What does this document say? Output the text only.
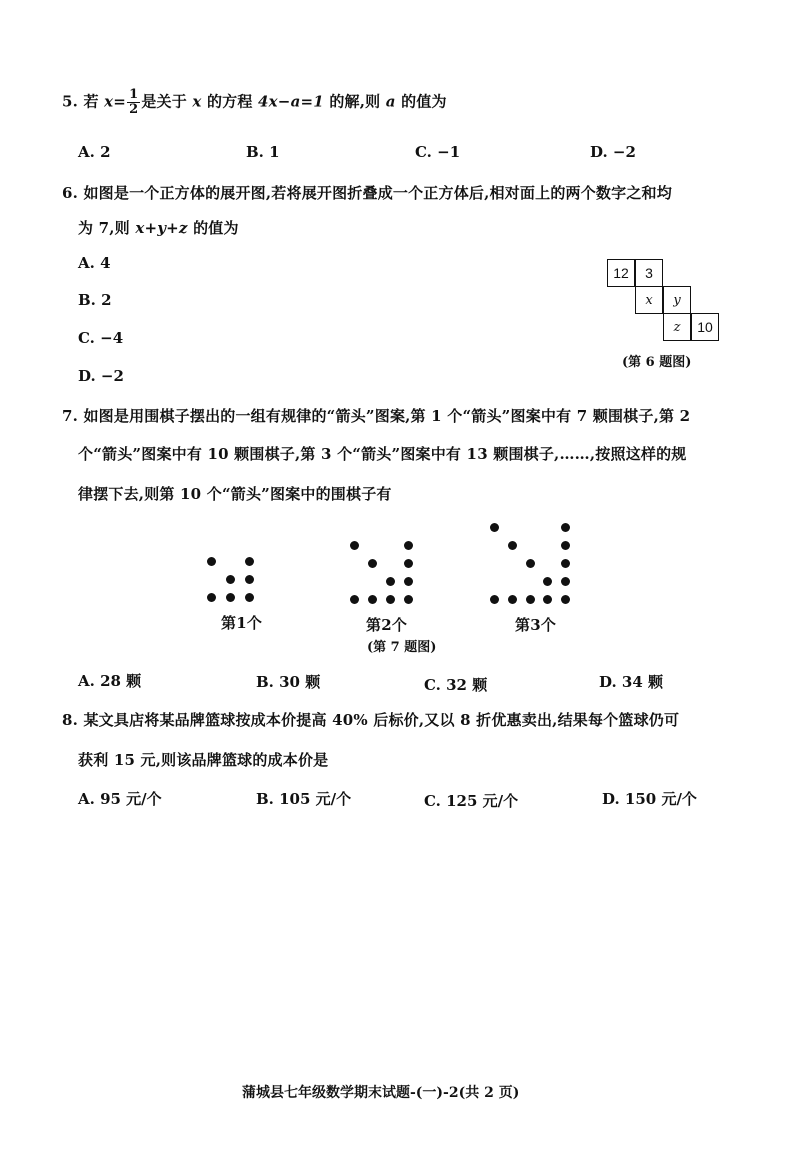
5. 若 $x= \frac{1}{2}$ 是关于 x 的方程 4x−a=1 的解,则 a 的值为
A. 2	B. 1	C. −1	D. −2
6. 如图是一个正方体的展开图,若将展开图折叠成一个正方体后,相对面上的两个数字之和均
为 7,则 x+y+z 的值为
A. 4
B. 2
C. −4
D. −2
12	3
x	y
z	10
(第 6 题图)
7. 如图是用围棋子摆出的一组有规律的“箭头”图案,第 1 个“箭头”图案中有 7 颗围棋子,第 2
个“箭头”图案中有 10 颗围棋子,第 3 个“箭头”图案中有 13 颗围棋子,……,按照这样的规
律摆下去,则第 10 个“箭头”图案中的围棋子有
第1个	第2个	第3个
(第 7 题图)
A. 28 颗	B. 30 颗	C. 32 颗	D. 34 颗
8. 某文具店将某品牌篮球按成本价提高 40% 后标价,又以 8 折优惠卖出,结果每个篮球仍可
获利 15 元,则该品牌篮球的成本价是
A. 95 元/个	B. 105 元/个	C. 125 元/个	D. 150 元/个
蒲城县七年级数学期末试题-(一)-2(共 2 页)
